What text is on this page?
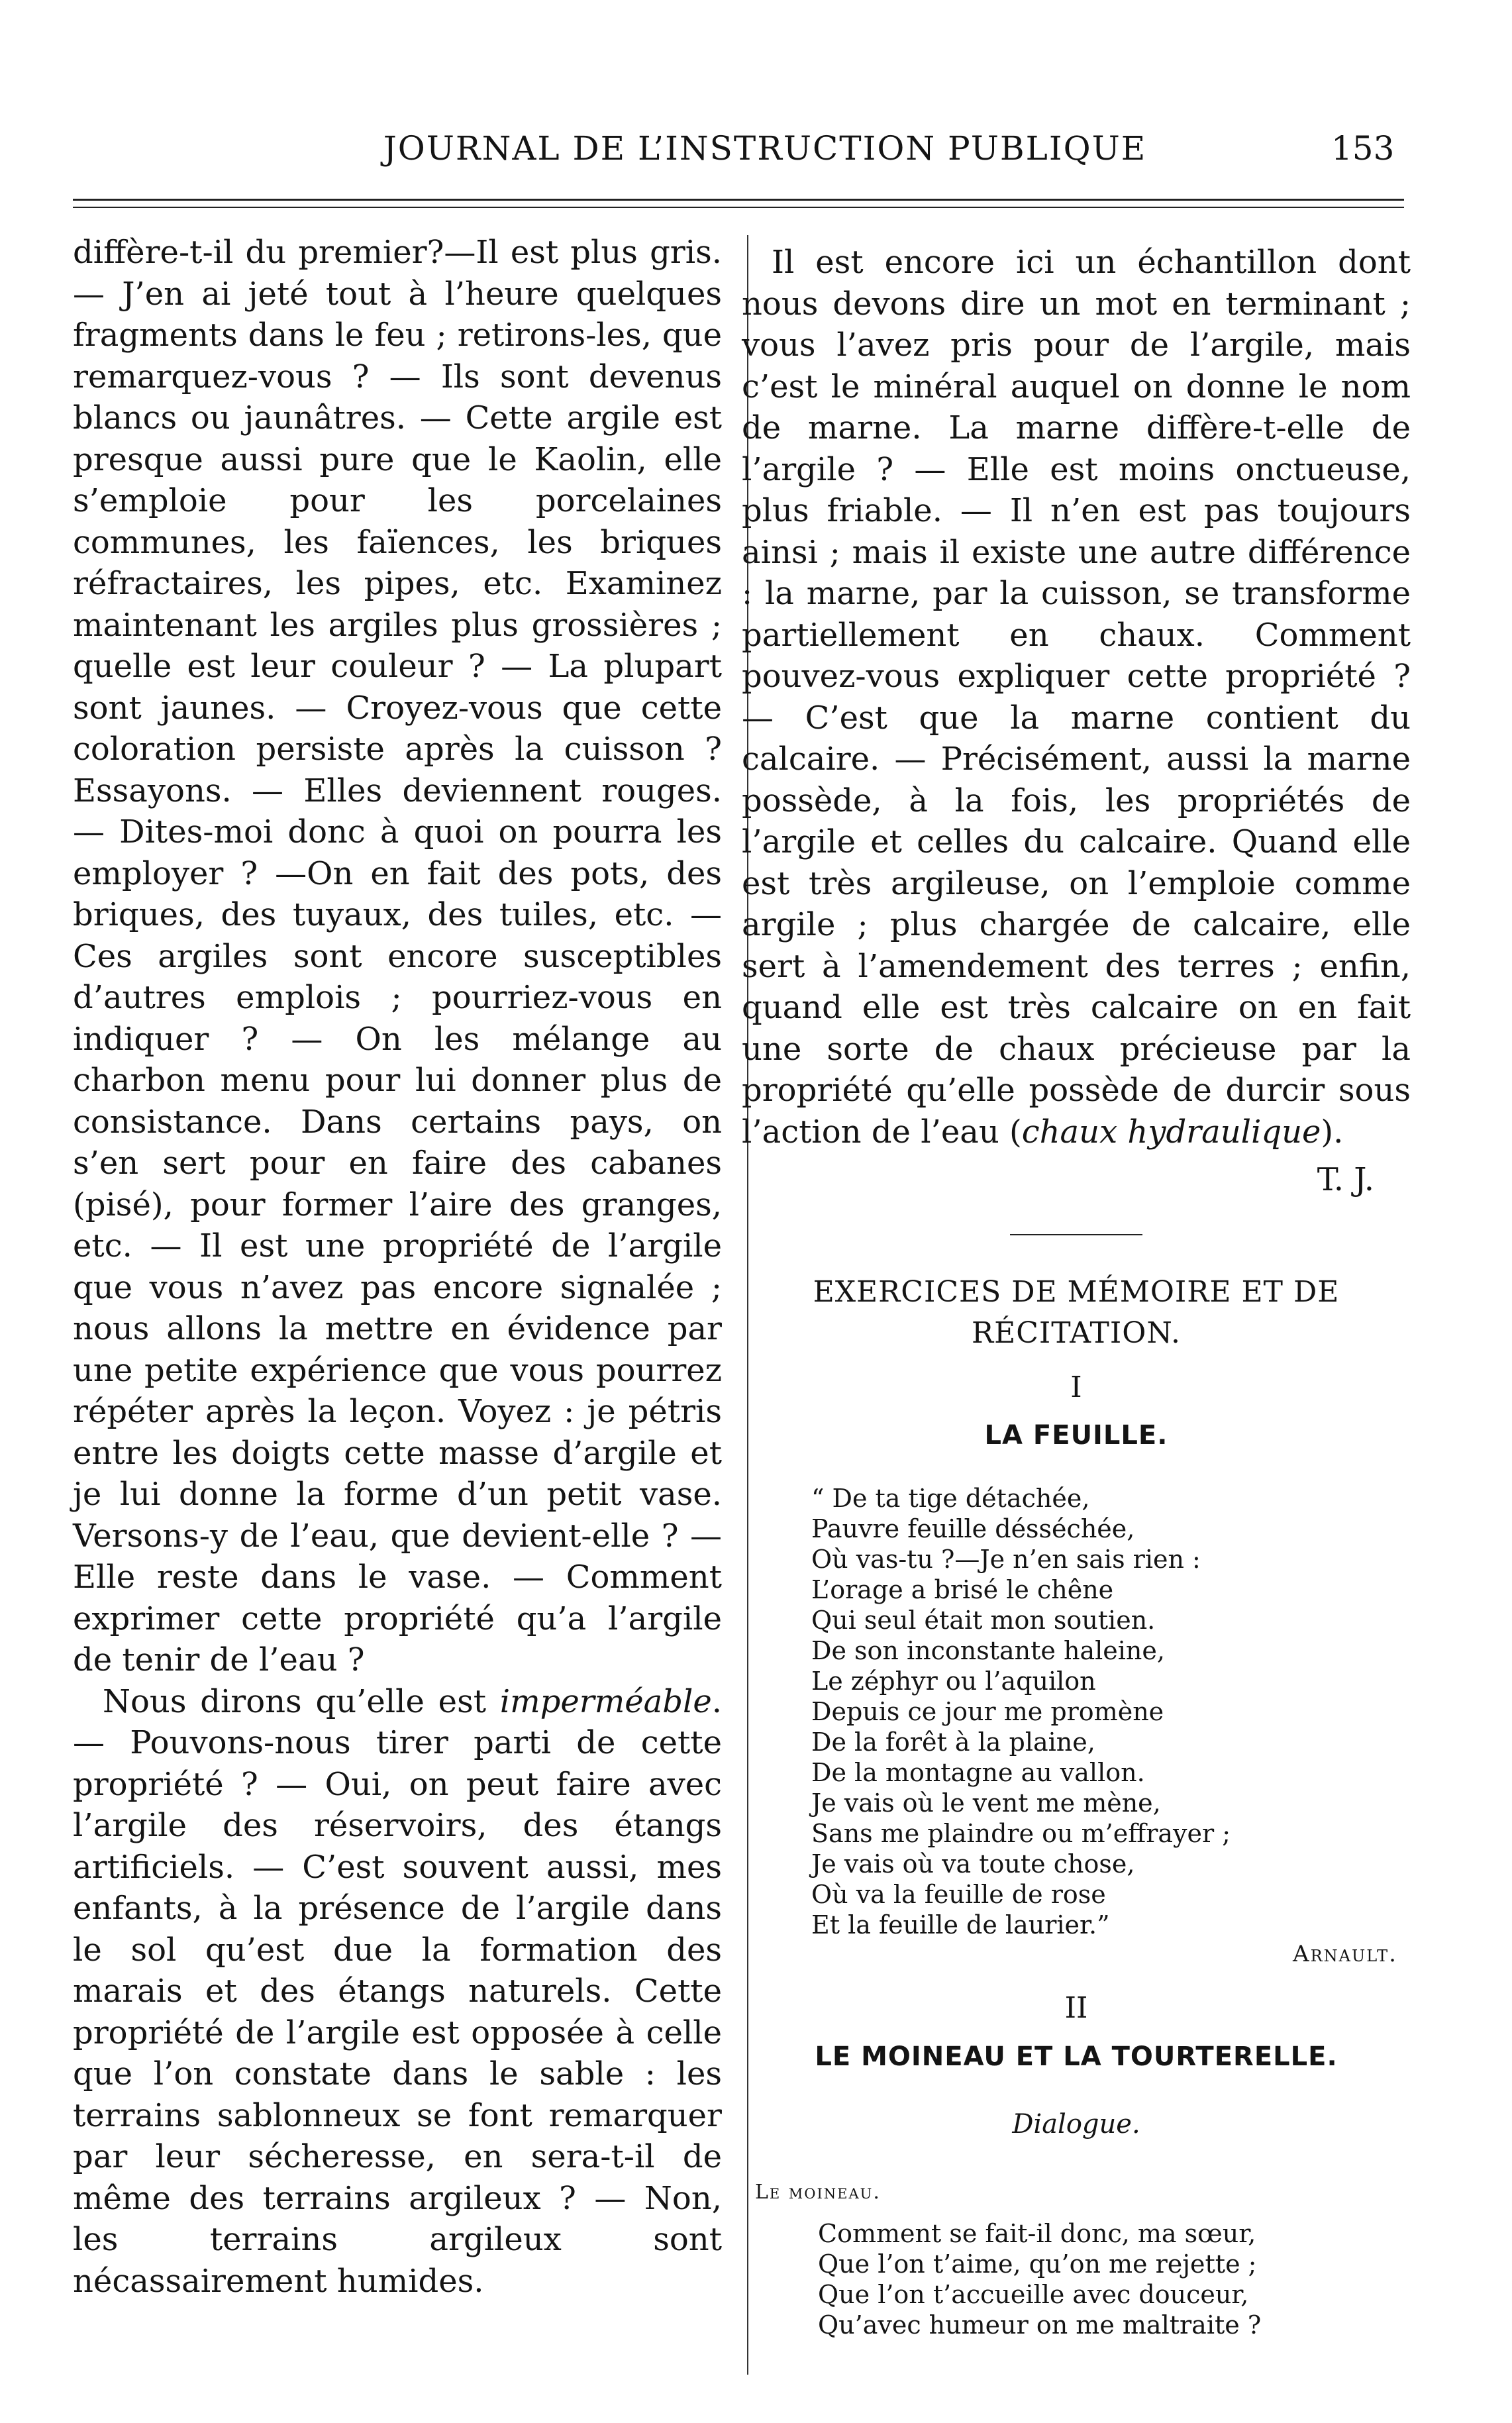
JOURNAL DE L’INSTRUCTION PUBLIQUE	153

diffère-t-il du premier?—Il est plus gris. — J’en ai jeté tout à l’heure quelques fragments dans le feu ; retirons-les, que remarquez-vous ? — Ils sont devenus blancs ou jaunâtres. — Cette argile est presque aussi pure que le Kaolin, elle s’emploie pour les porcelaines communes, les faïences, les briques réfractaires, les pipes, etc. Examinez maintenant les argiles plus grossières ; quelle est leur couleur ? — La plupart sont jaunes. — Croyez-vous que cette coloration persiste après la cuisson ? Essayons. — Elles deviennent rouges. — Dites-moi donc à quoi on pourra les employer ? —On en fait des pots, des briques, des tuyaux, des tuiles, etc. — Ces argiles sont encore susceptibles d’autres emplois ; pourriez-vous en indiquer ? — On les mélange au charbon menu pour lui donner plus de consistance. Dans certains pays, on s’en sert pour en faire des cabanes (pisé), pour former l’aire des granges, etc. — Il est une propriété de l’argile que vous n’avez pas encore signalée ; nous allons la mettre en évidence par une petite expérience que vous pourrez répéter après la leçon. Voyez : je pétris entre les doigts cette masse d’argile et je lui donne la forme d’un petit vase. Versons-y de l’eau, que devient-elle ? — Elle reste dans le vase. — Comment exprimer cette propriété qu’a l’argile de tenir de l’eau ?

Nous dirons qu’elle est imperméable. — Pouvons-nous tirer parti de cette propriété ? — Oui, on peut faire avec l’argile des réservoirs, des étangs artificiels. — C’est souvent aussi, mes enfants, à la présence de l’argile dans le sol qu’est due la formation des marais et des étangs naturels. Cette propriété de l’argile est opposée à celle que l’on constate dans le sable : les terrains sablonneux se font remarquer par leur sécheresse, en sera-t-il de même des terrains argileux ? — Non, les terrains argileux sont nécassairement humides.

Il est encore ici un échantillon dont nous devons dire un mot en terminant ; vous l’avez pris pour de l’argile, mais c’est le minéral auquel on donne le nom de marne. La marne diffère-t-elle de l’argile ? — Elle est moins onctueuse, plus friable. — Il n’en est pas toujours ainsi ; mais il existe une autre différence : la marne, par la cuisson, se transforme partiellement en chaux. Comment pouvez-vous expliquer cette propriété ? — C’est que la marne contient du calcaire. — Précisément, aussi la marne possède, à la fois, les propriétés de l’argile et celles du calcaire. Quand elle est très argileuse, on l’emploie comme argile ; plus chargée de calcaire, elle sert à l’amendement des terres ; enfin, quand elle est très calcaire on en fait une sorte de chaux précieuse par la propriété qu’elle possède de durcir sous l’action de l’eau (chaux hydraulique).

T. J.

EXERCICES DE MÉMOIRE ET DE

RÉCITATION.

I
LA FEUILLE.
“ De ta tige détachée,
Pauvre feuille désséchée,
Où vas-tu ?—Je n’en sais rien :
L’orage a brisé le chêne
Qui seul était mon soutien.
De son inconstante haleine,
Le zéphyr ou l’aquilon
Depuis ce jour me promène
De la forêt à la plaine,
De la montagne au vallon.
Je vais où le vent me mène,
Sans me plaindre ou m’effrayer ;
Je vais où va toute chose,
Où va la feuille de rose
Et la feuille de laurier.”
Arnault.
II
LE MOINEAU ET LA TOURTERELLE.
Dialogue.
Le moineau.
Comment se fait-il donc, ma sœur,
Que l’on t’aime, qu’on me rejette ;
Que l’on t’accueille avec douceur,
Qu’avec humeur on me maltraite ?
